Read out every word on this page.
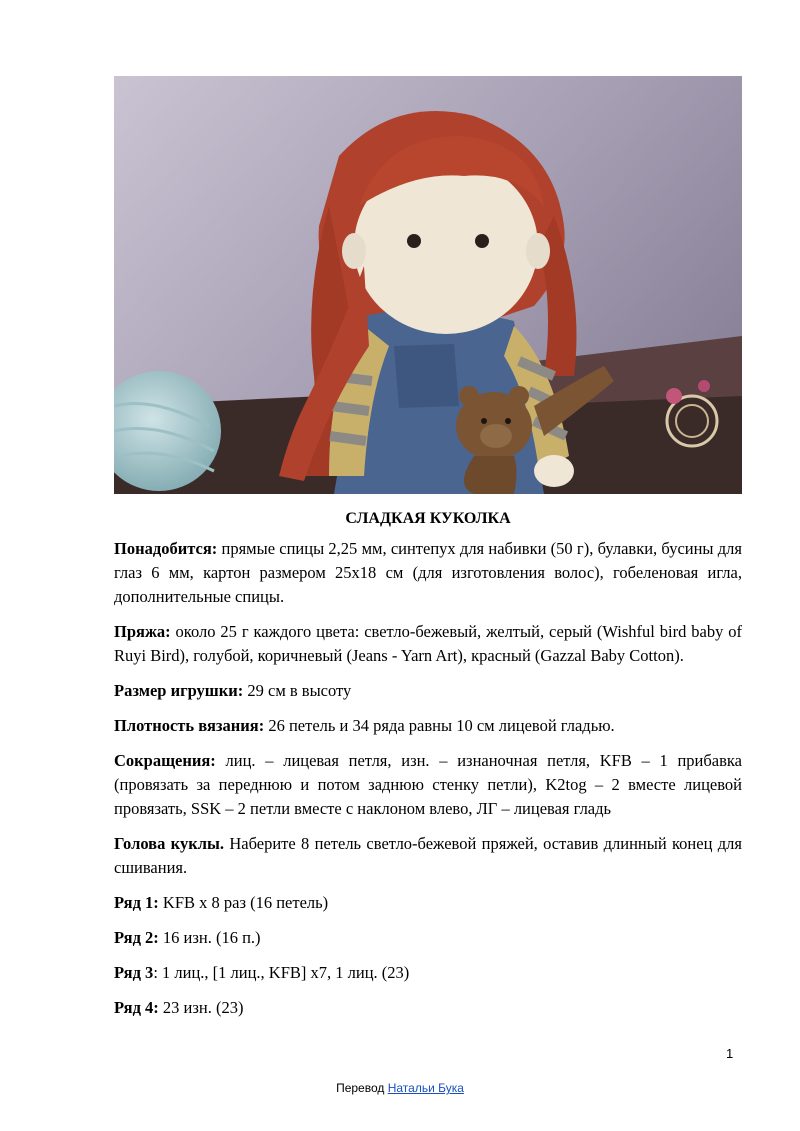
СЛАДКАЯ КУКОЛКА

Понадобится: прямые спицы 2,25 мм, синтепух для набивки (50 г), булавки, бусины для глаз 6 мм, картон размером 25х18 см (для изготовления волос), гобеленовая игла, дополнительные спицы.

Пряжа: около 25 г каждого цвета: светло-бежевый, желтый, серый (Wishful bird baby of Ruyi Bird), голубой, коричневый (Jeans - Yarn Art), красный (Gazzal Baby Cotton).

Размер игрушки: 29 см в высоту

Плотность вязания: 26 петель и 34 ряда равны 10 см лицевой гладью.

Сокращения: лиц. – лицевая петля, изн. – изнаночная петля, KFB – 1 прибавка (провязать за переднюю и потом заднюю стенку петли), K2tog – 2 вместе лицевой провязать, SSK – 2 петли вместе с наклоном влево, ЛГ – лицевая гладь

Голова куклы. Наберите 8 петель светло-бежевой пряжей, оставив длинный конец для сшивания.

Ряд 1: KFB х 8 раз (16 петель)

Ряд 2: 16 изн. (16 п.)

Ряд 3: 1 лиц., [1 лиц., KFB] х7, 1 лиц. (23)

Ряд 4: 23 изн. (23)

1
Перевод Натальи Бука
